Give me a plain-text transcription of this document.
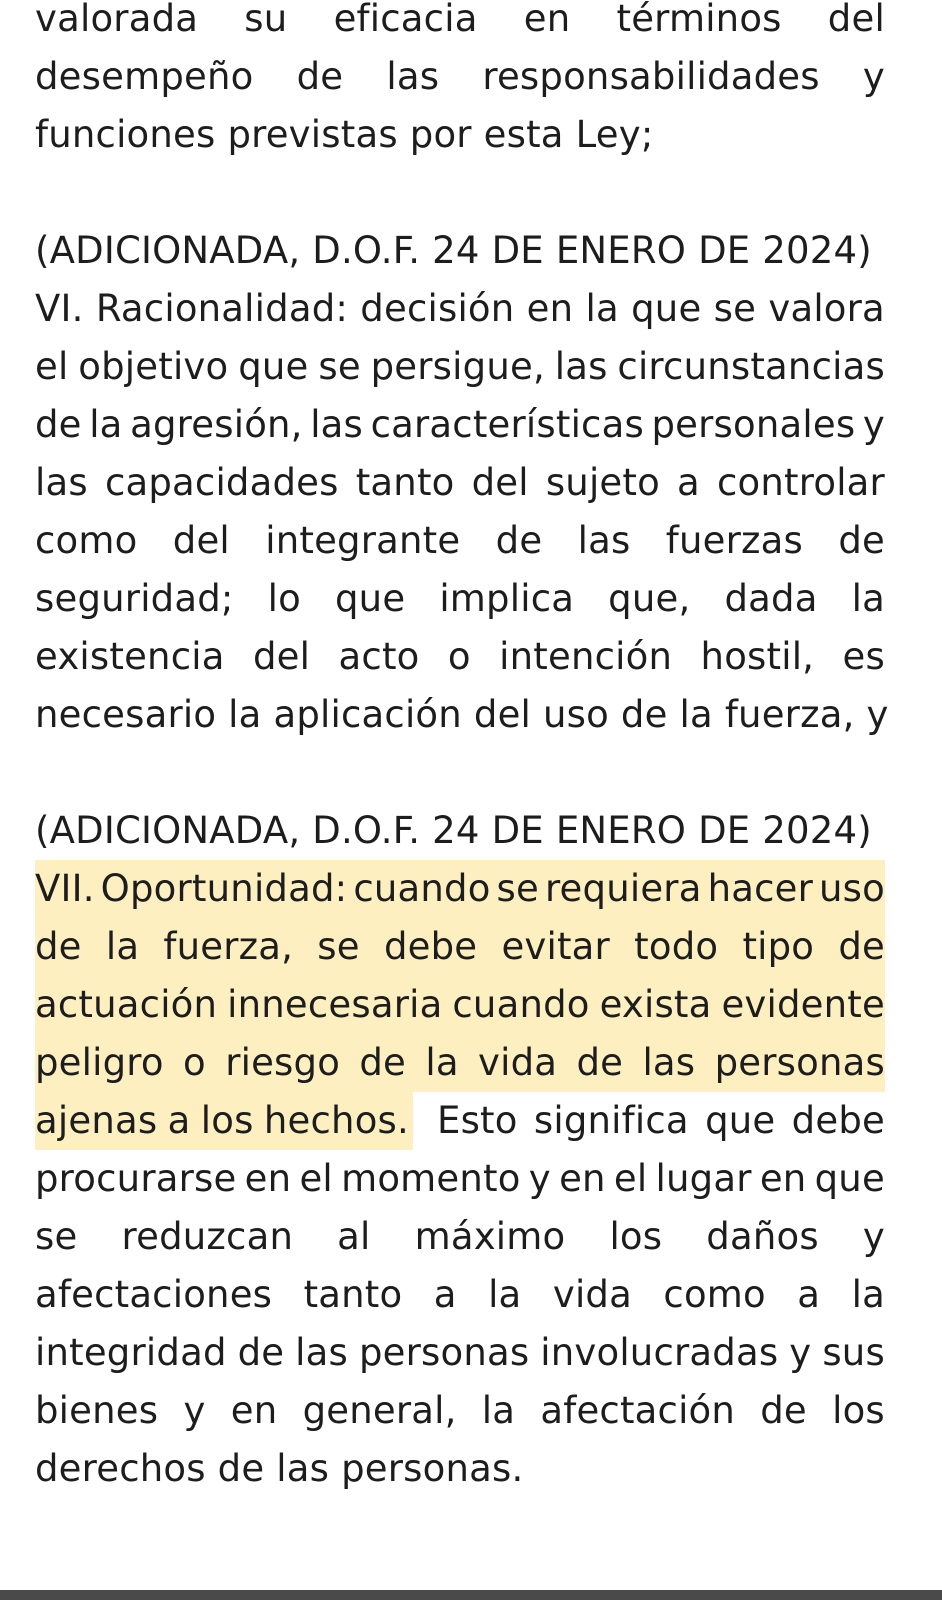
valorada su eficacia en términos del
desempeño de las responsabilidades y
funciones previstas por esta Ley;
(ADICIONADA, D.O.F. 24 DE ENERO DE 2024)
VI. Racionalidad: decisión en la que se valora
el objetivo que se persigue, las circunstancias
de la agresión, las características personales y
las capacidades tanto del sujeto a controlar
como del integrante de las fuerzas de
seguridad; lo que implica que, dada la
existencia del acto o intención hostil, es
necesario la aplicación del uso de la fuerza, y
(ADICIONADA, D.O.F. 24 DE ENERO DE 2024)
VII. Oportunidad: cuando se requiera hacer uso
de la fuerza, se debe evitar todo tipo de
actuación innecesaria cuando exista evidente
peligro o riesgo de la vida de las personas
ajenas a los hechos. Esto significa que debe
procurarse en el momento y en el lugar en que
se reduzcan al máximo los daños y
afectaciones tanto a la vida como a la
integridad de las personas involucradas y sus
bienes y en general, la afectación de los
derechos de las personas.
